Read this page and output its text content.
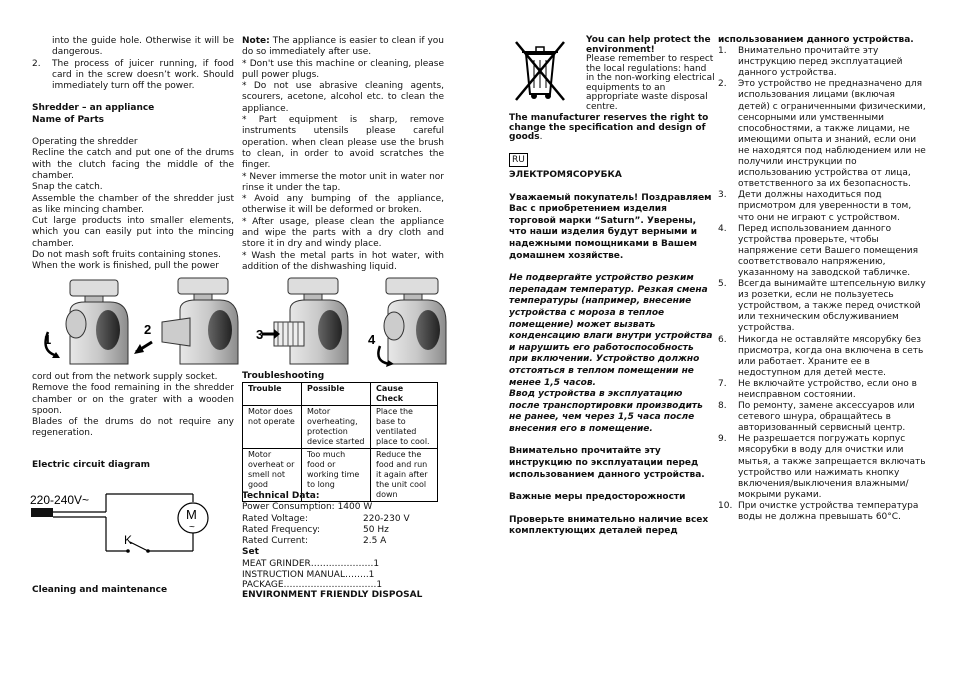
into the guide hole. Otherwise it will be dangerous.
2. The process of juicer running, if food card in the screw doesn’t work. Should immediately turn off the power.

Shredder – an appliance

Name of Parts

Operating the shredder

Recline the catch and put one of the drums with the clutch facing the middle of the chamber.

Snap the catch.

Assemble the chamber of the shredder just as like mincing chamber.

Cut large products into smaller elements, which you can easily put into the mincing chamber.

Do not mash soft fruits containing stones.

When the work is finished, pull the power

Note: The appliance is easier to clean if you do so immediately after use.

* Don't use this machine or cleaning, please pull power plugs.

* Do not use abrasive cleaning agents, scourers, acetone, alcohol etc. to clean the appliance.

* Part equipment is sharp, remove instruments utensils please careful operation. when clean please use the brush to clean, in order to avoid scratches the finger.

* Never immerse the motor unit in water nor rinse it under the tap.

* Avoid any bumping of the appliance, otherwise it will be deformed or broken.

* After usage, please clean the appliance and wipe the parts with a dry cloth and store it in dry and windy place.

* Wash the metal parts in hot water, with addition of the dishwashing liquid.

1
2	3	4

cord out from the network supply socket.

Remove the food remaining in the shredder chamber or on the grater with a wooden spoon.

Blades of the drums do not require any regeneration.

Electric circuit diagram
220-240V~
M
~
K
Cleaning and maintenance
Troubleshooting
Trouble	Possible	Cause Check
Motor does not operate	Motor overheating, protection device started	Place the base to ventilated place to cool.
Motor overheat or smell not good	Too much food or working time to long	Reduce the food and run it again after the unit cool down

Technical Data:

Power Consumption: 1400 W

Rated Voltage:	220-230 V

Rated Frequency:	50 Hz

Rated Current:	2.5 A

Set

MEAT GRINDER……..………….1

INSTRUCTION MANUAL……..1

PACKAGE………………………….1

ENVIRONMENT FRIENDLY DISPOSAL

You can help protect the environment!

Please remember to respect the local regulations: hand in the non-working electrical equipments to an appropriate waste disposal centre.

The manufacturer reserves the right to change the specification and design of goods.
RU

ЭЛЕКТРОМЯСОРУБКА

Уважаемый покупатель! Поздравляем Вас с приобретением изделия торговой марки “Saturn”. Уверены, что наши изделия будут верными и надежными помощниками в Вашем домашнем хозяйстве.

Не подвергайте устройство резким перепадам температур. Резкая смена температуры (например, внесение устройства с мороза в теплое помещение) может вызвать конденсацию влаги внутри устройства и нарушить его работоспособность при включении. Устройство должно отстояться в теплом помещении не менее 1,5 часов.

Ввод устройства в эксплуатацию после транспортировки производить не ранее, чем через 1,5 часа после внесения его в помещение.

Внимательно прочитайте эту инструкцию по эксплуатации перед использованием данного устройства.

Важные меры предосторожности

Проверьте внимательно наличие всех комплектующих деталей перед

использованием данного устройства.

1. Внимательно прочитайте эту инструкцию перед эксплуатацией данного устройства.
2. Это устройство не предназначено для использования лицами (включая детей) с ограниченными физическими, сенсорными или умственными способностями, а также лицами, не имеющими опыта и знаний, если они не находятся под наблюдением или не получили инструкции по использованию устройства от лица, ответственного за их безопасность.
3. Дети должны находиться под присмотром для уверенности в том, что они не играют с устройством.
4. Перед использованием данного устройства проверьте, чтобы напряжение сети Вашего помещения соответствовало напряжению, указанному на заводской табличке.
5. Всегда вынимайте штепсельную вилку из розетки, если не пользуетесь устройством, а также перед очисткой или техническим обслуживанием устройства.
6. Никогда не оставляйте мясорубку без присмотра, когда она включена в сеть или работает. Храните ее в недоступном для детей месте.
7. Не включайте устройство, если оно в неисправном состоянии.
8. По ремонту, замене аксессуаров или сетевого шнура, обращайтесь в авторизованный сервисный центр.
9. Не разрешается погружать корпус мясорубки в воду для очистки или мытья, а также запрещается включать устройство или нажимать кнопку включения/выключения влажными/мокрыми руками.
10. При очистке устройства температура воды не должна превышать 60°С.
